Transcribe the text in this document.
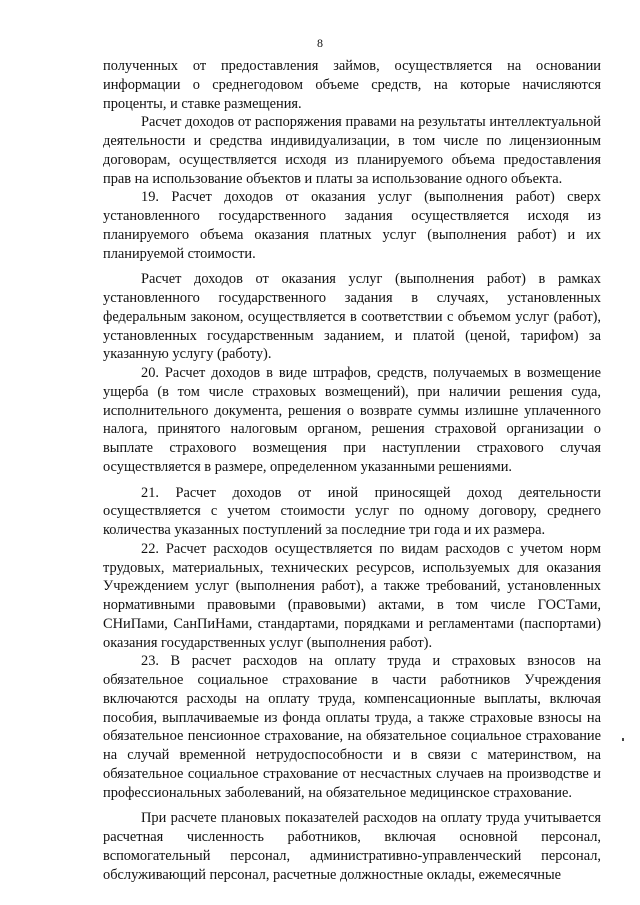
8

полученных от предоставления займов, осуществляется на основании информации о среднегодовом объеме средств, на которые начисляются проценты, и ставке размещения.

Расчет доходов от распоряжения правами на результаты интеллектуальной деятельности и средства индивидуализации, в том числе по лицензионным договорам, осуществляется исходя из планируемого объема предоставления прав на использование объектов и платы за использование одного объекта.

19. Расчет доходов от оказания услуг (выполнения работ) сверх установленного государственного задания осуществляется исходя из планируемого объема оказания платных услуг (выполнения работ) и их планируемой стоимости.

Расчет доходов от оказания услуг (выполнения работ) в рамках установленного государственного задания в случаях, установленных федеральным законом, осуществляется в соответствии с объемом услуг (работ), установленных государственным заданием, и платой (ценой, тарифом) за указанную услугу (работу).

20. Расчет доходов в виде штрафов, средств, получаемых в возмещение ущерба (в том числе страховых возмещений), при наличии решения суда, исполнительного документа, решения о возврате суммы излишне уплаченного налога, принятого налоговым органом, решения страховой организации о выплате страхового возмещения при наступлении страхового случая осуществляется в размере, определенном указанными решениями.

21. Расчет доходов от иной приносящей доход деятельности осуществляется с учетом стоимости услуг по одному договору, среднего количества указанных поступлений за последние три года и их размера.

22. Расчет расходов осуществляется по видам расходов с учетом норм трудовых, материальных, технических ресурсов, используемых для оказания Учреждением услуг (выполнения работ), а также требований, установленных нормативными правовыми (правовыми) актами, в том числе ГОСТами, СНиПами, СанПиНами, стандартами, порядками и регламентами (паспортами) оказания государственных услуг (выполнения работ).

23. В расчет расходов на оплату труда и страховых взносов на обязательное социальное страхование в части работников Учреждения включаются расходы на оплату труда, компенсационные выплаты, включая пособия, выплачиваемые из фонда оплаты труда, а также страховые взносы на обязательное пенсионное страхование, на обязательное социальное страхование на случай временной нетрудоспособности и в связи с материнством, на обязательное социальное страхование от несчастных случаев на производстве и профессиональных заболеваний, на обязательное медицинское страхование.

При расчете плановых показателей расходов на оплату труда учитывается расчетная численность работников, включая основной персонал, вспомогательный персонал, административно-управленческий персонал, обслуживающий персонал, расчетные должностные оклады, ежемесячные
